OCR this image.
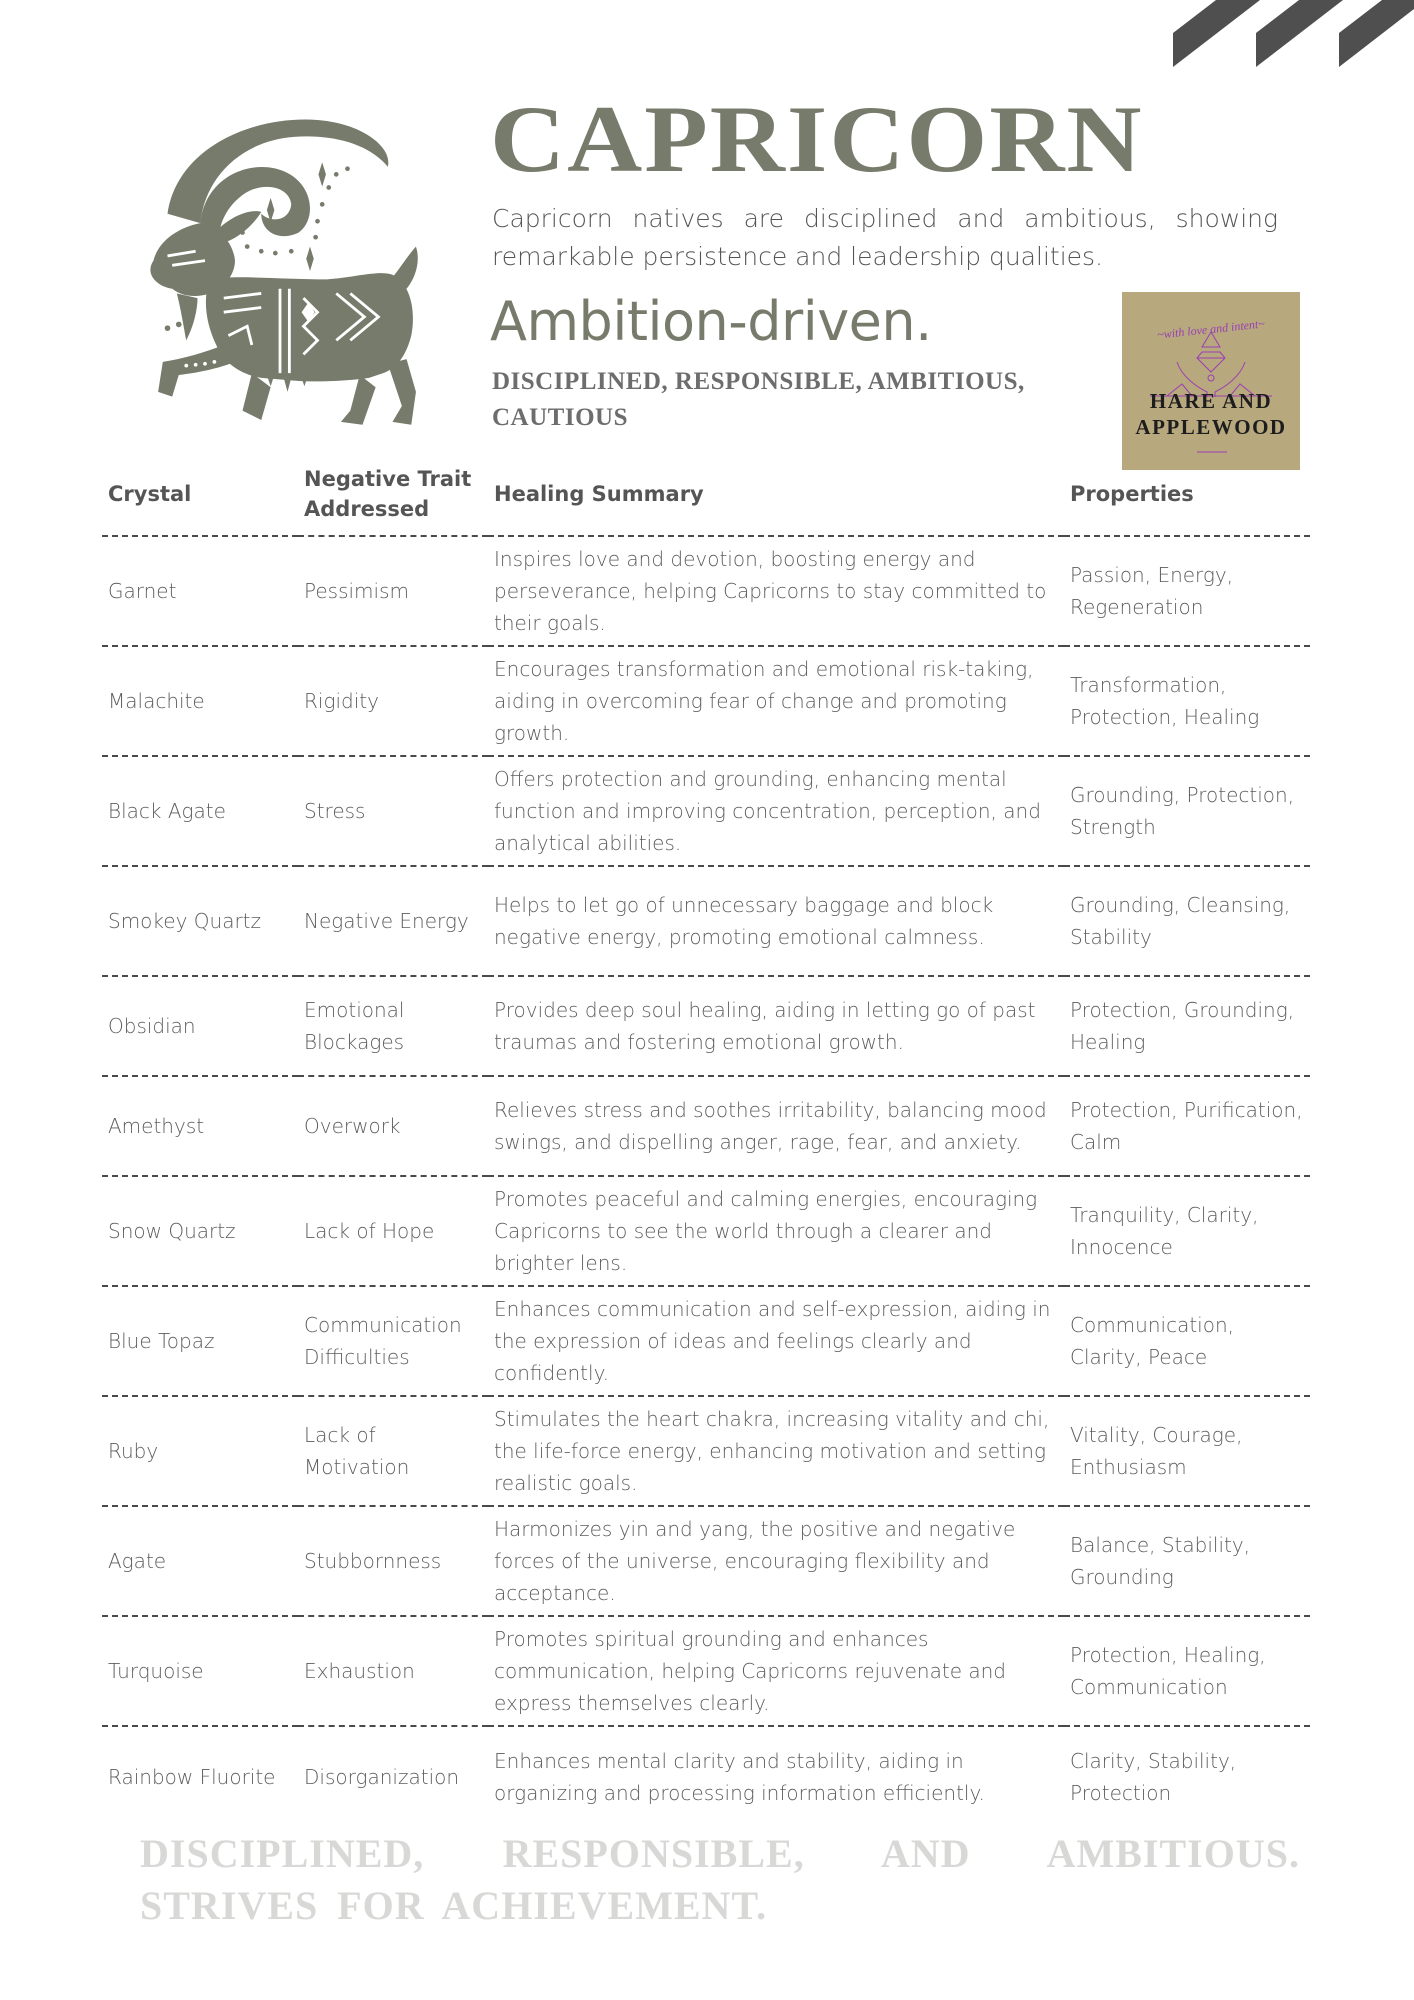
CAPRICORN

Capricorn natives are disciplined and ambitious, showing remarkable persistence and leadership qualities.

Ambition-driven.

DISCIPLINED, RESPONSIBLE, AMBITIOUS, CAUTIOUS

~with love and intent~
HARE AND
APPLEWOOD
Crystal	Negative Trait Addressed	Healing Summary	Properties
Garnet	Pessimism	Inspires love and devotion, boosting energy and perseverance, helping Capricorns to stay committed to their goals.	Passion, Energy, Regeneration
Malachite	Rigidity	Encourages transformation and emotional risk-taking, aiding in overcoming fear of change and promoting growth.	Transformation, Protection, Healing
Black Agate	Stress	Offers protection and grounding, enhancing mental function and improving concentration, perception, and analytical abilities.	Grounding, Protection, Strength
Smokey Quartz	Negative Energy	Helps to let go of unnecessary baggage and block negative energy, promoting emotional calmness.	Grounding, Cleansing, Stability
Obsidian	Emotional Blockages	Provides deep soul healing, aiding in letting go of past traumas and fostering emotional growth.	Protection, Grounding, Healing
Amethyst	Overwork	Relieves stress and soothes irritability, balancing mood swings, and dispelling anger, rage, fear, and anxiety.	Protection, Purification, Calm
Snow Quartz	Lack of Hope	Promotes peaceful and calming energies, encouraging Capricorns to see the world through a clearer and brighter lens.	Tranquility, Clarity, Innocence
Blue Topaz	Communication Difficulties	Enhances communication and self-expression, aiding in the expression of ideas and feelings clearly and confidently.	Communication, Clarity, Peace
Ruby	Lack of Motivation	Stimulates the heart chakra, increasing vitality and chi, the life-force energy, enhancing motivation and setting realistic goals.	Vitality, Courage, Enthusiasm
Agate	Stubbornness	Harmonizes yin and yang, the positive and negative forces of the universe, encouraging flexibility and acceptance.	Balance, Stability, Grounding
Turquoise	Exhaustion	Promotes spiritual grounding and enhances communication, helping Capricorns rejuvenate and express themselves clearly.	Protection, Healing, Communication
Rainbow Fluorite	Disorganization	Enhances mental clarity and stability, aiding in organizing and processing information efficiently.	Clarity, Stability, Protection

DISCIPLINED, RESPONSIBLE, AND AMBITIOUS. STRIVES FOR ACHIEVEMENT.
